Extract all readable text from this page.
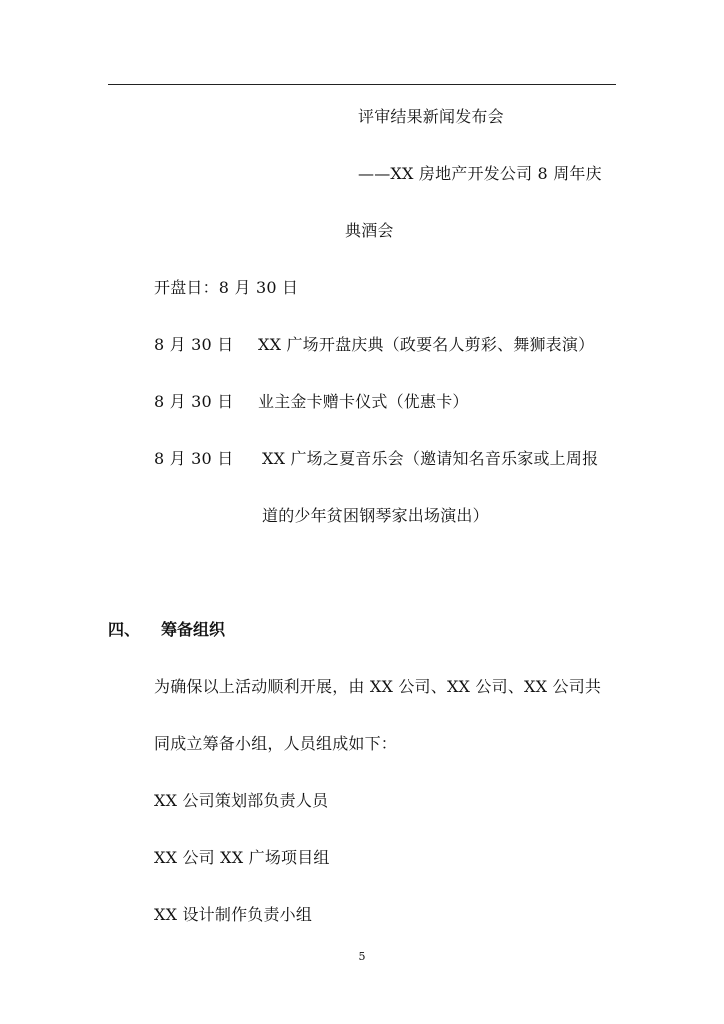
评审结果新闻发布会
——XX 房地产开发公司 8 周年庆
典酒会
开盘日：8 月 30 日
8 月 30 日 XX 广场开盘庆典（政要名人剪彩、舞狮表演）
8 月 30 日 业主金卡赠卡仪式（优惠卡）
8 月 30 日 XX 广场之夏音乐会（邀请知名音乐家或上周报
道的少年贫困钢琴家出场演出）
四、 筹备组织
为确保以上活动顺利开展，由 XX 公司、XX 公司、XX 公司共
同成立筹备小组，人员组成如下：
XX 公司策划部负责人员
XX 公司 XX 广场项目组
XX 设计制作负责小组
5
